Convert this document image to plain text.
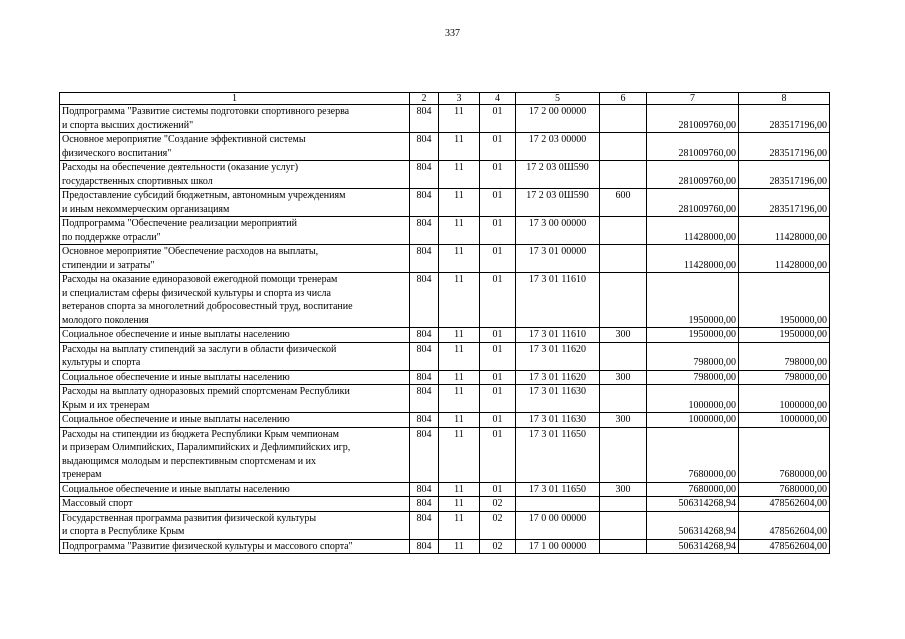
337
1	2	3	4	5	6	7	8
Подпрограмма "Развитие системы подготовки спортивного резерва
и спорта высших достижений"	804	11	01	17 2 00 00000		281009760,00	283517196,00
Основное мероприятие "Создание эффективной системы
физического воспитания"	804	11	01	17 2 03 00000		281009760,00	283517196,00
Расходы на обеспечение деятельности (оказание услуг)
государственных спортивных школ	804	11	01	17 2 03 0Ш590		281009760,00	283517196,00
Предоставление субсидий бюджетным, автономным учреждениям
и иным некоммерческим организациям	804	11	01	17 2 03 0Ш590	600	281009760,00	283517196,00
Подпрограмма "Обеспечение реализации мероприятий
по поддержке отрасли"	804	11	01	17 3 00 00000		11428000,00	11428000,00
Основное мероприятие "Обеспечение расходов на выплаты,
стипендии и затраты"	804	11	01	17 3 01 00000		11428000,00	11428000,00
Расходы на оказание единоразовой ежегодной помощи тренерам
и специалистам сферы физической культуры и спорта из числа
ветеранов спорта за многолетний добросовестный труд, воспитание
молодого поколения	804	11	01	17 3 01 11610		1950000,00	1950000,00
Социальное обеспечение и иные выплаты населению	804	11	01	17 3 01 11610	300	1950000,00	1950000,00
Расходы на выплату стипендий за заслуги в области физической
культуры и спорта	804	11	01	17 3 01 11620		798000,00	798000,00
Социальное обеспечение и иные выплаты населению	804	11	01	17 3 01 11620	300	798000,00	798000,00
Расходы на выплату одноразовых премий спортсменам Республики
Крым и их тренерам	804	11	01	17 3 01 11630		1000000,00	1000000,00
Социальное обеспечение и иные выплаты населению	804	11	01	17 3 01 11630	300	1000000,00	1000000,00
Расходы на стипендии из бюджета Республики Крым чемпионам
и призерам Олимпийских, Паралимпийских и Дефлимпийских игр,
выдающимся молодым и перспективным спортсменам и их
тренерам	804	11	01	17 3 01 11650		7680000,00	7680000,00
Социальное обеспечение и иные выплаты населению	804	11	01	17 3 01 11650	300	7680000,00	7680000,00
Массовый спорт	804	11	02			506314268,94	478562604,00
Государственная программа развития физической культуры
и спорта в Республике Крым	804	11	02	17 0 00 00000		506314268,94	478562604,00
Подпрограмма "Развитие физической культуры и массового спорта"	804	11	02	17 1 00 00000		506314268,94	478562604,00
